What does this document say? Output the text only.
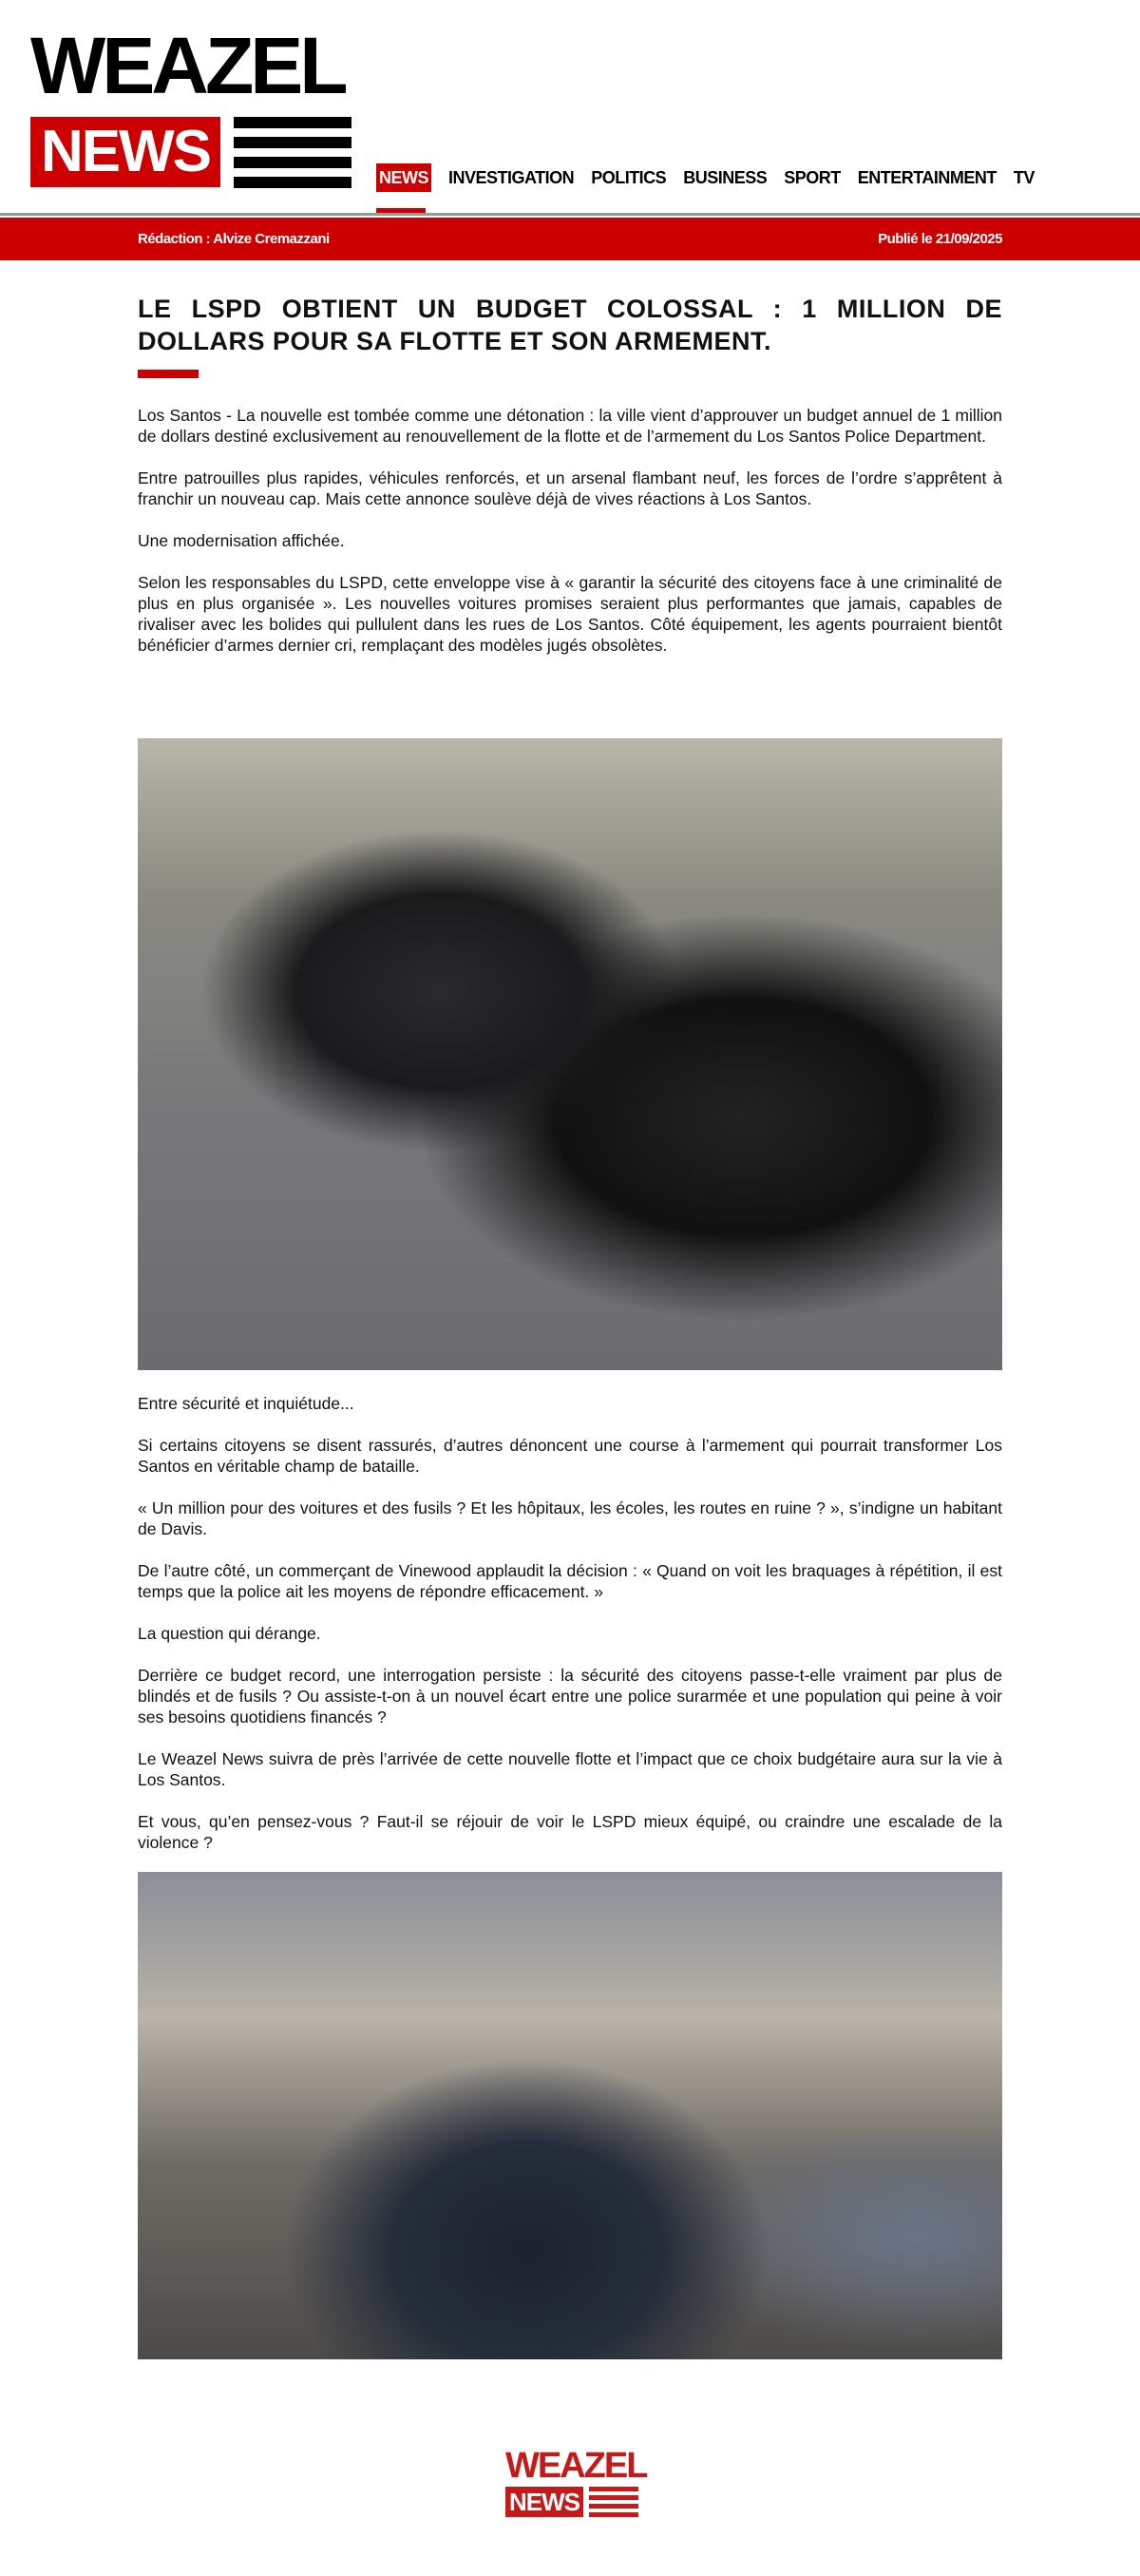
WEAZEL
NEWS	NEWS INVESTIGATION POLITICS BUSINESS SPORT ENTERTAINMENT TV
Rédaction : Alvize Cremazzani	Publié le 21/09/2025
LE LSPD OBTIENT UN BUDGET COLOSSAL : 1 MILLION DE DOLLARS POUR SA FLOTTE ET SON ARMEMENT.

Los Santos - La nouvelle est tombée comme une détonation : la ville vient d’approuver un budget annuel de 1 million de dollars destiné exclusivement au renouvellement de la flotte et de l’armement du Los Santos Police Department.

Entre patrouilles plus rapides, véhicules renforcés, et un arsenal flambant neuf, les forces de l’ordre s’apprêtent à franchir un nouveau cap. Mais cette annonce soulève déjà de vives réactions à Los Santos.

Une modernisation affichée.

Selon les responsables du LSPD, cette enveloppe vise à « garantir la sécurité des citoyens face à une criminalité de plus en plus organisée ». Les nouvelles voitures promises seraient plus performantes que jamais, capables de rivaliser avec les bolides qui pullulent dans les rues de Los Santos. Côté équipement, les agents pourraient bientôt bénéficier d’armes dernier cri, remplaçant des modèles jugés obsolètes.

Entre sécurité et inquiétude...

Si certains citoyens se disent rassurés, d’autres dénoncent une course à l’armement qui pourrait transformer Los Santos en véritable champ de bataille.

« Un million pour des voitures et des fusils ? Et les hôpitaux, les écoles, les routes en ruine ? », s’indigne un habitant de Davis.

De l’autre côté, un commerçant de Vinewood applaudit la décision : « Quand on voit les braquages à répétition, il est temps que la police ait les moyens de répondre efficacement. »

La question qui dérange.

Derrière ce budget record, une interrogation persiste : la sécurité des citoyens passe-t-elle vraiment par plus de blindés et de fusils ? Ou assiste-t-on à un nouvel écart entre une police surarmée et une population qui peine à voir ses besoins quotidiens financés ?

Le Weazel News suivra de près l’arrivée de cette nouvelle flotte et l’impact que ce choix budgétaire aura sur la vie à Los Santos.

Et vous, qu’en pensez-vous ? Faut-il se réjouir de voir le LSPD mieux équipé, ou craindre une escalade de la violence ?

WEAZEL
NEWS
